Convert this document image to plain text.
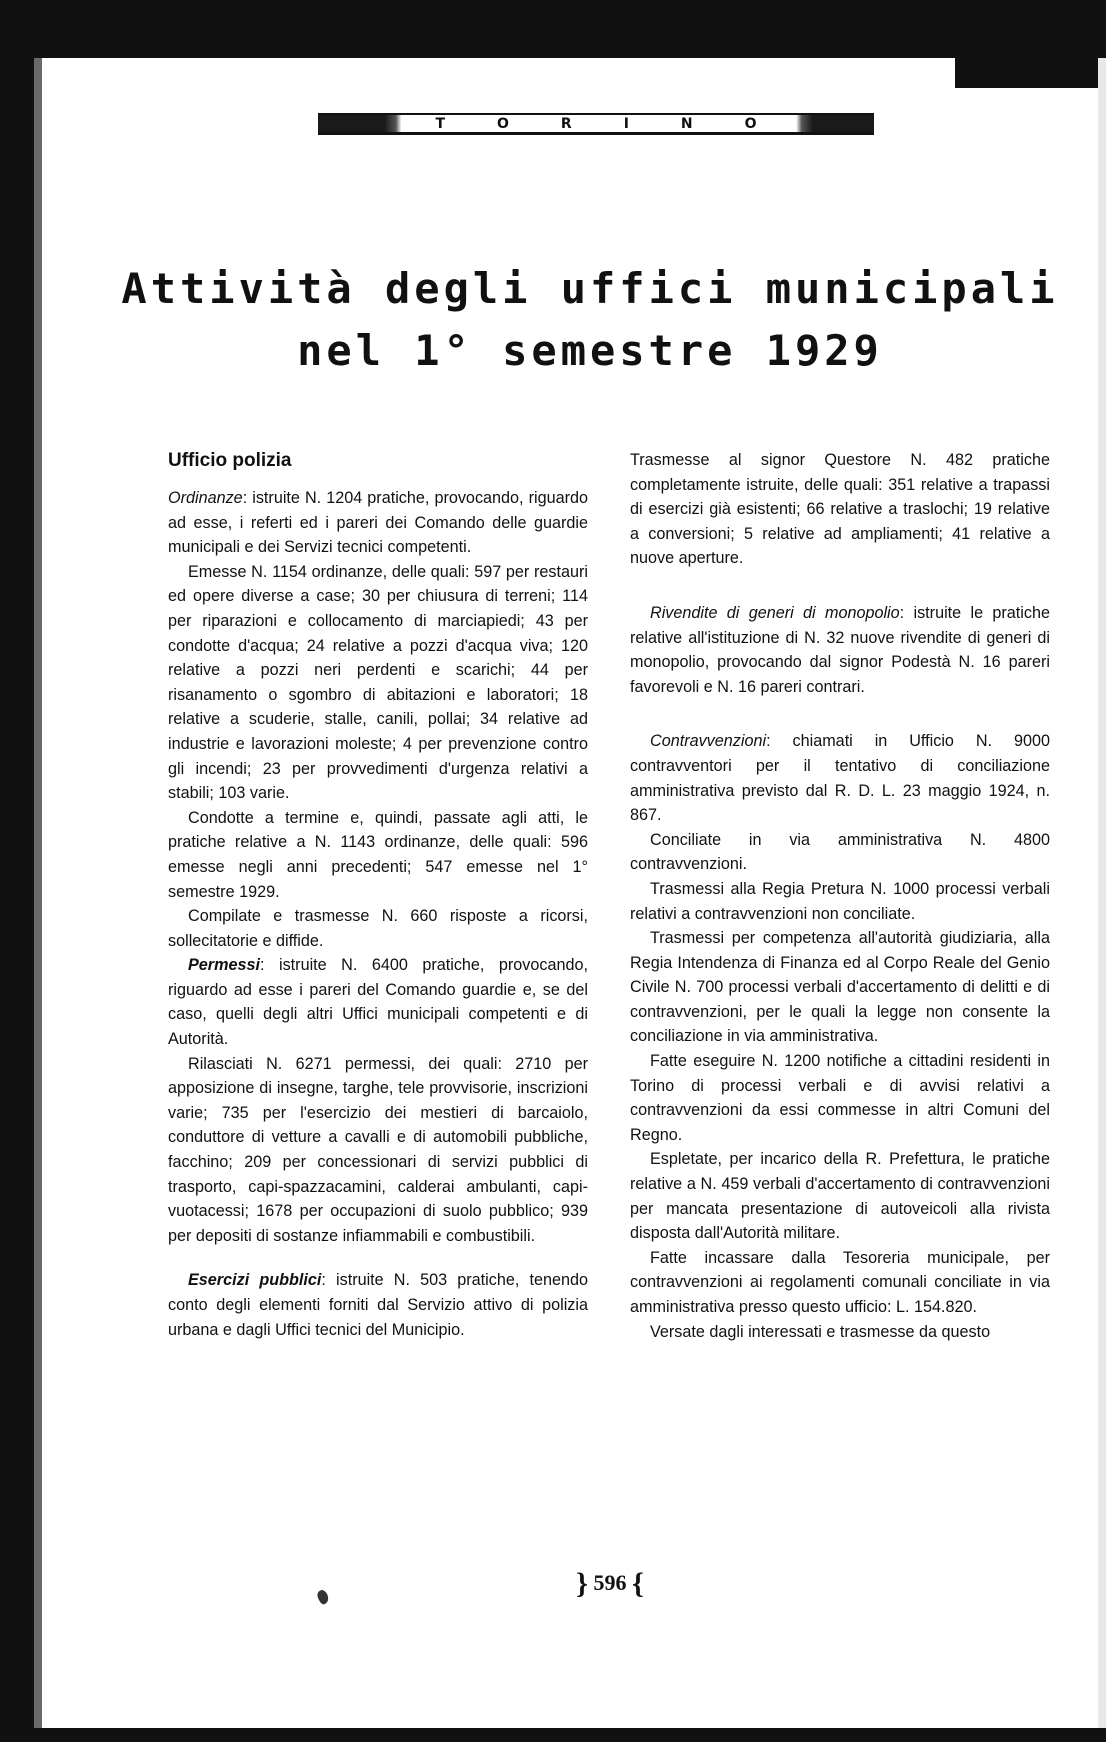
TORINO
Attività degli uffici municipali
nel 1° semestre 1929
Ufficio polizia

Ordinanze: istruite N. 1204 pratiche, provocando, riguardo ad esse, i referti ed i pareri dei Comando delle guardie municipali e dei Servizi tecnici competenti.

Emesse N. 1154 ordinanze, delle quali: 597 per restauri ed opere diverse a case; 30 per chiusura di terreni; 114 per riparazioni e collocamento di marciapiedi; 43 per condotte d'acqua; 24 relative a pozzi d'acqua viva; 120 relative a pozzi neri perdenti e scarichi; 44 per risanamento o sgombro di abitazioni e laboratori; 18 relative a scuderie, stalle, canili, pollai; 34 relative ad industrie e lavorazioni moleste; 4 per prevenzione contro gli incendi; 23 per provvedimenti d'urgenza relativi a stabili; 103 varie.

Condotte a termine e, quindi, passate agli atti, le pratiche relative a N. 1143 ordinanze, delle quali: 596 emesse negli anni precedenti; 547 emesse nel 1° semestre 1929.

Compilate e trasmesse N. 660 risposte a ricorsi, sollecitatorie e diffide.

Permessi: istruite N. 6400 pratiche, provocando, riguardo ad esse i pareri del Comando guardie e, se del caso, quelli degli altri Uffici municipali competenti e di Autorità.

Rilasciati N. 6271 permessi, dei quali: 2710 per apposizione di insegne, targhe, tele provvisorie, inscrizioni varie; 735 per l'esercizio dei mestieri di barcaiolo, conduttore di vetture a cavalli e di automobili pubbliche, facchino; 209 per concessionari di servizi pubblici di trasporto, capi-spazzacamini, calderai ambulanti, capi-vuotacessi; 1678 per occupazioni di suolo pubblico; 939 per depositi di sostanze infiammabili e combustibili.

Esercizi pubblici: istruite N. 503 pratiche, tenendo conto degli elementi forniti dal Servizio attivo di polizia urbana e dagli Uffici tecnici del Municipio.

Trasmesse al signor Questore N. 482 pratiche completamente istruite, delle quali: 351 relative a trapassi di esercizi già esistenti; 66 relative a traslochi; 19 relative a conversioni; 5 relative ad ampliamenti; 41 relative a nuove aperture.

Rivendite di generi di monopolio: istruite le pratiche relative all'istituzione di N. 32 nuove rivendite di generi di monopolio, provocando dal signor Podestà N. 16 pareri favorevoli e N. 16 pareri contrari.

Contravvenzioni: chiamati in Ufficio N. 9000 contravventori per il tentativo di conciliazione amministrativa previsto dal R. D. L. 23 maggio 1924, n. 867.

Conciliate in via amministrativa N. 4800 contravvenzioni.

Trasmessi alla Regia Pretura N. 1000 processi verbali relativi a contravvenzioni non conciliate.

Trasmessi per competenza all'autorità giudiziaria, alla Regia Intendenza di Finanza ed al Corpo Reale del Genio Civile N. 700 processi verbali d'accertamento di delitti e di contravvenzioni, per le quali la legge non consente la conciliazione in via amministrativa.

Fatte eseguire N. 1200 notifiche a cittadini residenti in Torino di processi verbali e di avvisi relativi a contravvenzioni da essi commesse in altri Comuni del Regno.

Espletate, per incarico della R. Prefettura, le pratiche relative a N. 459 verbali d'accertamento di contravvenzioni per mancata presentazione di autoveicoli alla rivista disposta dall'Autorità militare.

Fatte incassare dalla Tesoreria municipale, per contravvenzioni ai regolamenti comunali conciliate in via amministrativa presso questo ufficio: L. 154.820.

Versate dagli interessati e trasmesse da questo

} 596 {
